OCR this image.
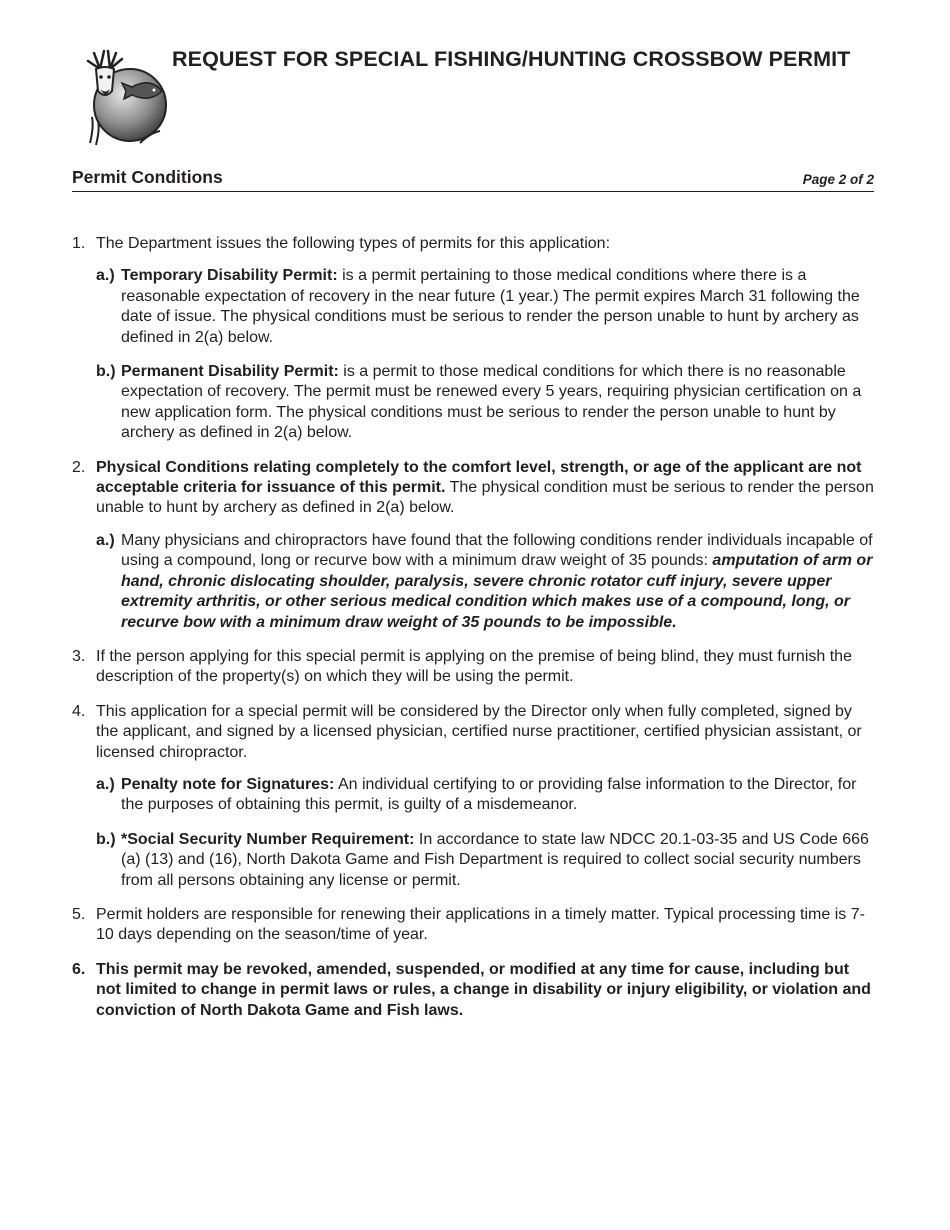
REQUEST FOR SPECIAL FISHING/HUNTING CROSSBOW PERMIT
Permit Conditions	Page 2 of 2
1. The Department issues the following types of permits for this application:

a.) Temporary Disability Permit: is a permit pertaining to those medical conditions where there is a reasonable expectation of recovery in the near future (1 year.) The permit expires March 31 following the date of issue. The physical conditions must be serious to render the person unable to hunt by archery as defined in 2(a) below.

b.) Permanent Disability Permit: is a permit to those medical conditions for which there is no reasonable expectation of recovery. The permit must be renewed every 5 years, requiring physician certification on a new application form. The physical conditions must be serious to render the person unable to hunt by archery as defined in 2(a) below.

2. Physical Conditions relating completely to the comfort level, strength, or age of the applicant are not acceptable criteria for issuance of this permit. The physical condition must be serious to render the person unable to hunt by archery as defined in 2(a) below.

a.) Many physicians and chiropractors have found that the following conditions render individuals incapable of using a compound, long or recurve bow with a minimum draw weight of 35 pounds: amputation of arm or hand, chronic dislocating shoulder, paralysis, severe chronic rotator cuff injury, severe upper extremity arthritis, or other serious medical condition which makes use of a compound, long, or recurve bow with a minimum draw weight of 35 pounds to be impossible.

3. If the person applying for this special permit is applying on the premise of being blind, they must furnish the description of the property(s) on which they will be using the permit.

4. This application for a special permit will be considered by the Director only when fully completed, signed by the applicant, and signed by a licensed physician, certified nurse practitioner, certified physician assistant, or licensed chiropractor.

a.) Penalty note for Signatures: An individual certifying to or providing false information to the Director, for the purposes of obtaining this permit, is guilty of a misdemeanor.

b.) *Social Security Number Requirement: In accordance to state law NDCC 20.1-03-35 and US Code 666 (a) (13) and (16), North Dakota Game and Fish Department is required to collect social security numbers from all persons obtaining any license or permit.

5. Permit holders are responsible for renewing their applications in a timely matter. Typical processing time is 7-10 days depending on the season/time of year.

6. This permit may be revoked, amended, suspended, or modified at any time for cause, including but not limited to change in permit laws or rules, a change in disability or injury eligibility, or violation and conviction of North Dakota Game and Fish laws.
